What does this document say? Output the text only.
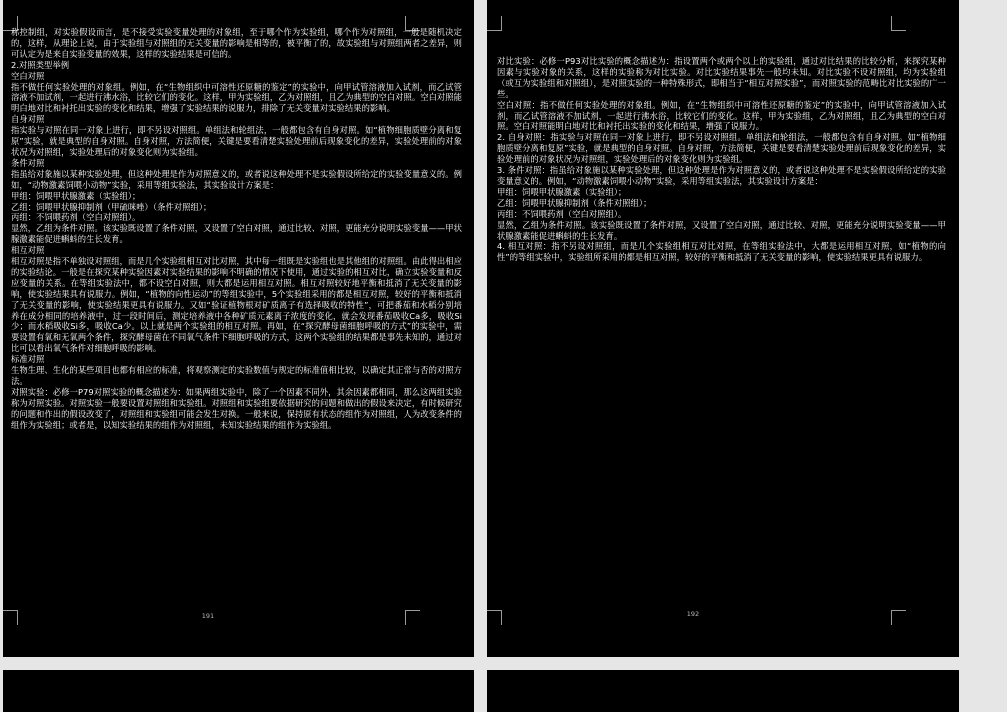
称控制组，对实验假设而言，是不接受实验变量处理的对象组，至于哪个作为实验组，哪个作为对照组，一般是随机决定的，这样，从理论上说，由于实验组与对照组的无关变量的影响是相等的，被平衡了的，故实验组与对照组两者之差异，则可认定为是来自实验变量的效果，这样的实验结果是可信的。

2.对照类型举例

空白对照

指不做任何实验处理的对象组。例如，在“生物组织中可溶性还原糖的鉴定”的实验中，向甲试管溶液加入试剂，而乙试管溶液不加试剂，一起进行沸水浴，比较它们的变化。这样，甲为实验组，乙为对照组，且乙为典型的空白对照。空白对照能明白地对比和衬托出实验的变化和结果，增强了实验结果的说服力，排除了无关变量对实验结果的影响。

自身对照

指实验与对照在同一对象上进行，即不另设对照组。单组法和轮组法，一般都包含有自身对照。如“植物细胞质壁分离和复原”实验，就是典型的自身对照。自身对照，方法简便，关键是要看清楚实验处理前后现象变化的差异，实验处理前的对象状况为对照组，实验处理后的对象变化则为实验组。

条件对照

指虽给对象施以某种实验处理，但这种处理是作为对照意义的，或者说这种处理不是实验假设所给定的实验变量意义的。例如，“动物激素饲喂小动物”实验，采用等组实验法，其实验设计方案是：

甲组：饲喂甲状腺激素（实验组）；

乙组：饲喂甲状腺抑制剂（甲硫咪唑）（条件对照组）；

丙组：不饲喂药剂（空白对照组）。

显然，乙组为条件对照。该实验既设置了条件对照，又设置了空白对照，通过比较、对照，更能充分说明实验变量——甲状腺激素能促进蝌蚪的生长发育。

相互对照

相互对照是指不单独设对照组，而是几个实验组相互对比对照，其中每一组既是实验组也是其他组的对照组。由此得出相应的实验结论。一般是在探究某种实验因素对实验结果的影响不明确的情况下使用，通过实验的相互对比，确立实验变量和反应变量的关系。在等组实验法中，都不设空白对照，则大都是运用相互对照。相互对照较好地平衡和抵消了无关变量的影响，使实验结果具有说服力。例如，“植物的向性运动”的等组实验中，5个实验组采用的都是相互对照，较好的平衡和抵消了无关变量的影响，使实验结果更具有说服力。又如“验证植物根对矿质离子有选择吸收的特性”，可把番茄和水稻分别培养在成分相同的培养液中，过一段时间后，测定培养液中各种矿质元素离子浓度的变化，就会发现番茄吸收Ca多，吸收Si少；而水稻吸收Si多，吸收Ca少。以上就是两个实验组的相互对照。再如，在“探究酵母菌细胞呼吸的方式”的实验中，需要设置有氧和无氧两个条件，探究酵母菌在不同氧气条件下细胞呼吸的方式，这两个实验组的结果都是事先未知的，通过对比可以看出氧气条件对细胞呼吸的影响。

标准对照

生物生理、生化的某些项目也都有相应的标准，将观察测定的实验数值与规定的标准值相比较，以确定其正常与否的对照方法。

对照实验：必修一P79对照实验的概念描述为：如果两组实验中，除了一个因素不同外，其余因素都相同，那么这两组实验称为对照实验。对照实验一般要设置对照组和实验组。对照组和实验组要依据研究的问题和做出的假设来决定，有时候研究的问题和作出的假设改变了，对照组和实验组可能会发生对换。一般来说，保持原有状态的组作为对照组，人为改变条件的组作为实验组；或者是，以知实验结果的组作为对照组，未知实验结果的组作为实验组。

191

对比实验：必修一P93对比实验的概念描述为：指设置两个或两个以上的实验组，通过对比结果的比较分析，来探究某种因素与实验对象的关系，这样的实验称为对比实验。对比实验结果事先一般均未知。对比实验不设对照组，均为实验组（或互为实验组和对照组），是对照实验的一种特殊形式，即相当于“相互对照实验”，而对照实验的范畴比对比实验的广一些。

空白对照：指不做任何实验处理的对象组。例如，在“生物组织中可溶性还原糖的鉴定”的实验中，向甲试管溶液加入试剂，而乙试管溶液不加试剂，一起进行沸水浴，比较它们的变化。这样，甲为实验组，乙为对照组，且乙为典型的空白对照。空白对照能明白地对比和衬托出实验的变化和结果，增强了说服力。

2. 自身对照：指实验与对照在同一对象上进行，即不另设对照组。单组法和轮组法，一般都包含有自身对照。如“植物细胞质壁分离和复原”实验，就是典型的自身对照。自身对照，方法简便，关键是要看清楚实验处理前后现象变化的差异，实验处理前的对象状况为对照组，实验处理后的对象变化则为实验组。

3. 条件对照：指虽给对象施以某种实验处理，但这种处理是作为对照意义的，或者说这种处理不是实验假设所给定的实验变量意义的。例如，“动物激素饲喂小动物”实验，采用等组实验法，其实验设计方案是：

甲组：饲喂甲状腺激素（实验组）；

乙组：饲喂甲状腺抑制剂（条件对照组）；

丙组：不饲喂药剂（空白对照组）。

显然，乙组为条件对照。该实验既设置了条件对照，又设置了空白对照，通过比较、对照，更能充分说明实验变量——甲状腺激素能促进蝌蚪的生长发育。

4. 相互对照：指不另设对照组，而是几个实验组相互对比对照，在等组实验法中，大都是运用相互对照，如“植物的向性”的等组实验中，实验组所采用的都是相互对照，较好的平衡和抵消了无关变量的影响，使实验结果更具有说服力。

192
